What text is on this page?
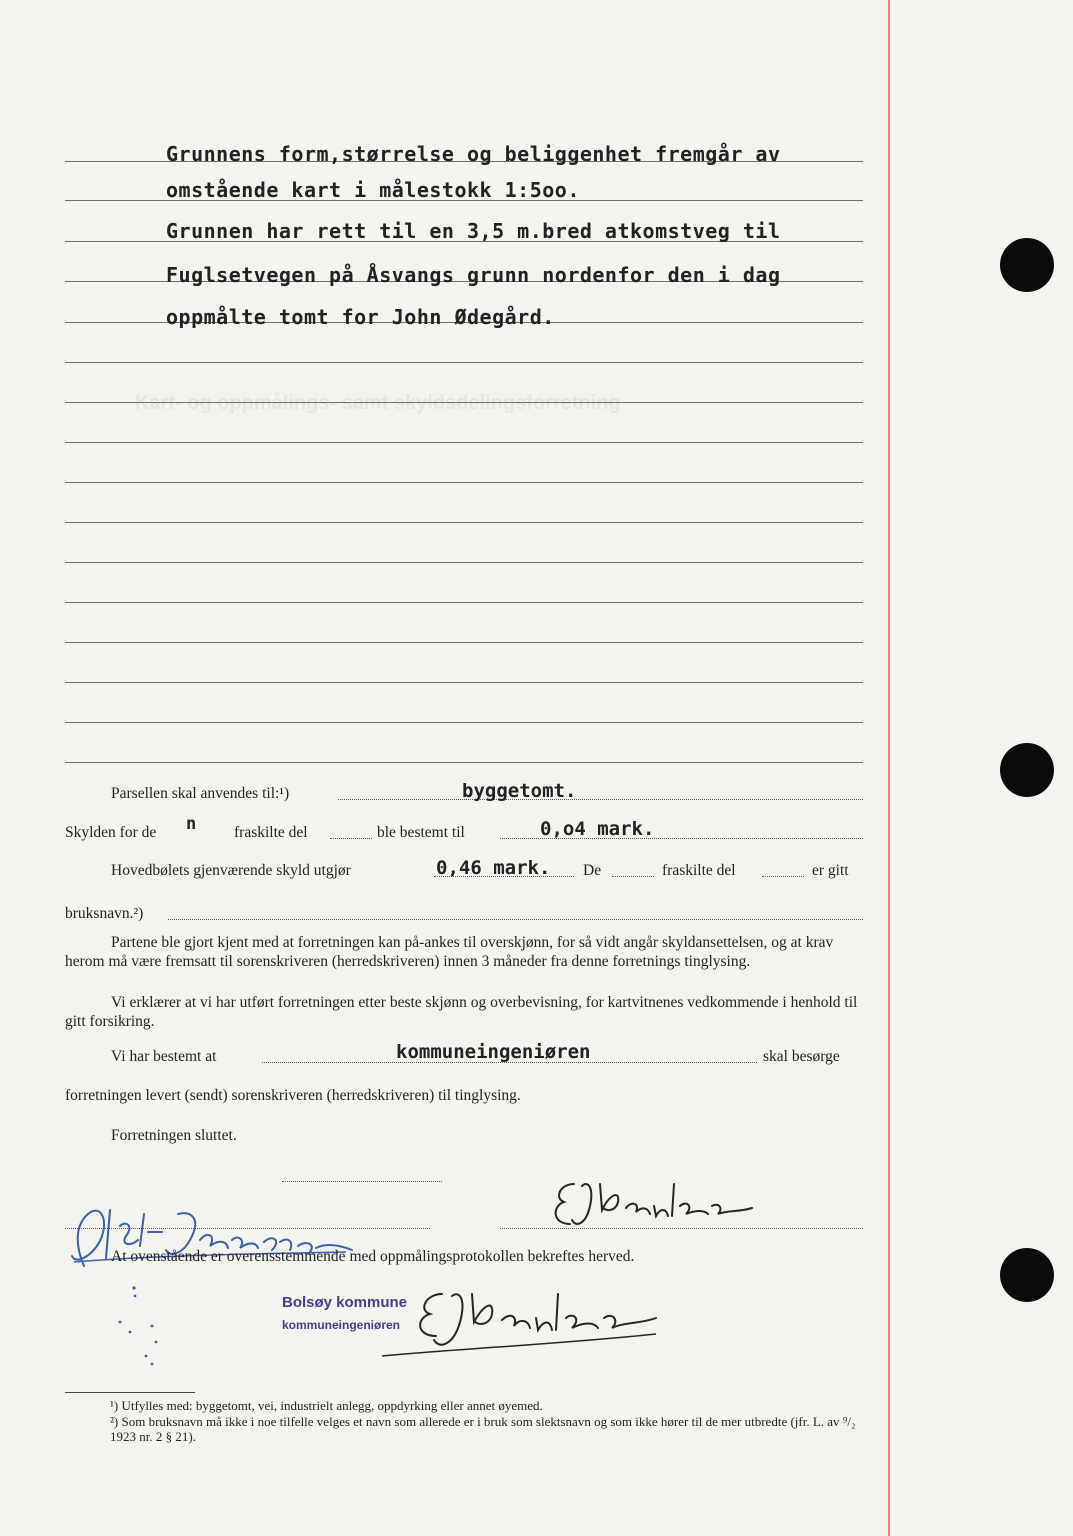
Kart- og oppmålings- samt skyldsdelingsforretning
Grunnens form,størrelse og beliggenhet fremgår av
omstående kart i målestokk 1:5oo.
Grunnen har rett til en 3,5 m.bred atkomstveg til
Fuglsetvegen på Åsvangs grunn nordenfor den i dag
oppmålte tomt for John Ødegård.
Parsellen skal anvendes til:¹)	byggetomt.
Skylden for de n fraskilte del	ble bestemt til	0,o4 mark.
Hovedbølets gjenværende skyld utgjør	0,46 mark. De	fraskilte del	er gitt
bruksnavn.²)
Partene ble gjort kjent med at forretningen kan på-ankes til overskjønn, for så vidt angår skyldansettelsen, og at krav herom må være fremsatt til sorenskriveren (herredskriveren) innen 3 måneder fra denne forretnings tinglysing.
Vi erklærer at vi har utført forretningen etter beste skjønn og overbevisning, for kartvitnenes vedkommende i henhold til gitt forsikring.
Vi har bestemt at	kommuneingeniøren	skal besørge
forretningen levert (sendt) sorenskriveren (herredskriveren) til tinglysing.
Forretningen sluttet.
At ovenstående er overensstemmende med oppmålingsprotokollen bekreftes herved.
Bolsøy kommune
kommuneingeniøren
¹) Utfylles med: byggetomt, vei, industrielt anlegg, oppdyrking eller annet øyemed.
²) Som bruksnavn må ikke i noe tilfelle velges et navn som allerede er i bruk som slektsnavn og som ikke hører til de mer utbredte (jfr. L. av ⁹/₂ 1923 nr. 2 § 21).
